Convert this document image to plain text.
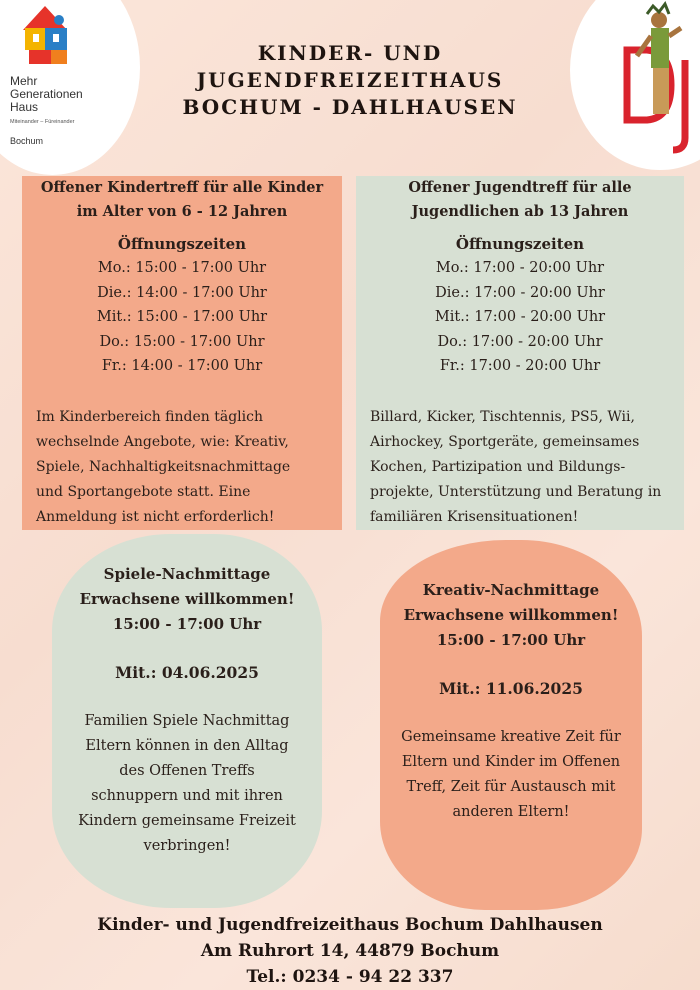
Mehr
Generationen
Haus
Miteinander – Füreinander
Bochum
KINDER- UND
JUGENDFREIZEITHAUS
BOCHUM - DAHLHAUSEN
Offener Kindertreff für alle Kinder
im Alter von 6 - 12 Jahren
Öffnungszeiten
Mo.: 15:00 - 17:00 Uhr
Die.: 14:00 - 17:00 Uhr
Mit.: 15:00 - 17:00 Uhr
Do.: 15:00 - 17:00 Uhr
Fr.: 14:00 - 17:00 Uhr
Im Kinderbereich finden täglich
wechselnde Angebote, wie: Kreativ,
Spiele, Nachhaltigkeitsnachmittage
und Sportangebote statt. Eine
Anmeldung ist nicht erforderlich!
Offener Jugendtreff für alle
Jugendlichen ab 13 Jahren
Öffnungszeiten
Mo.: 17:00 - 20:00 Uhr
Die.: 17:00 - 20:00 Uhr
Mit.: 17:00 - 20:00 Uhr
Do.: 17:00 - 20:00 Uhr
Fr.: 17:00 - 20:00 Uhr
Billard, Kicker, Tischtennis, PS5, Wii,
Airhockey, Sportgeräte, gemeinsames
Kochen, Partizipation und Bildungs-
projekte, Unterstützung und Beratung in
familiären Krisensituationen!
Spiele-Nachmittage
Erwachsene willkommen!
15:00 - 17:00 Uhr
Mit.: 04.06.2025
Familien Spiele Nachmittag
Eltern können in den Alltag
des Offenen Treffs
schnuppern und mit ihren
Kindern gemeinsame Freizeit
verbringen!
Kreativ-Nachmittage
Erwachsene willkommen!
15:00 - 17:00 Uhr
Mit.: 11.06.2025
Gemeinsame kreative Zeit für
Eltern und Kinder im Offenen
Treff, Zeit für Austausch mit
anderen Eltern!
Kinder- und Jugendfreizeithaus Bochum Dahlhausen
Am Ruhrort 14, 44879 Bochum
Tel.: 0234 - 94 22 337
